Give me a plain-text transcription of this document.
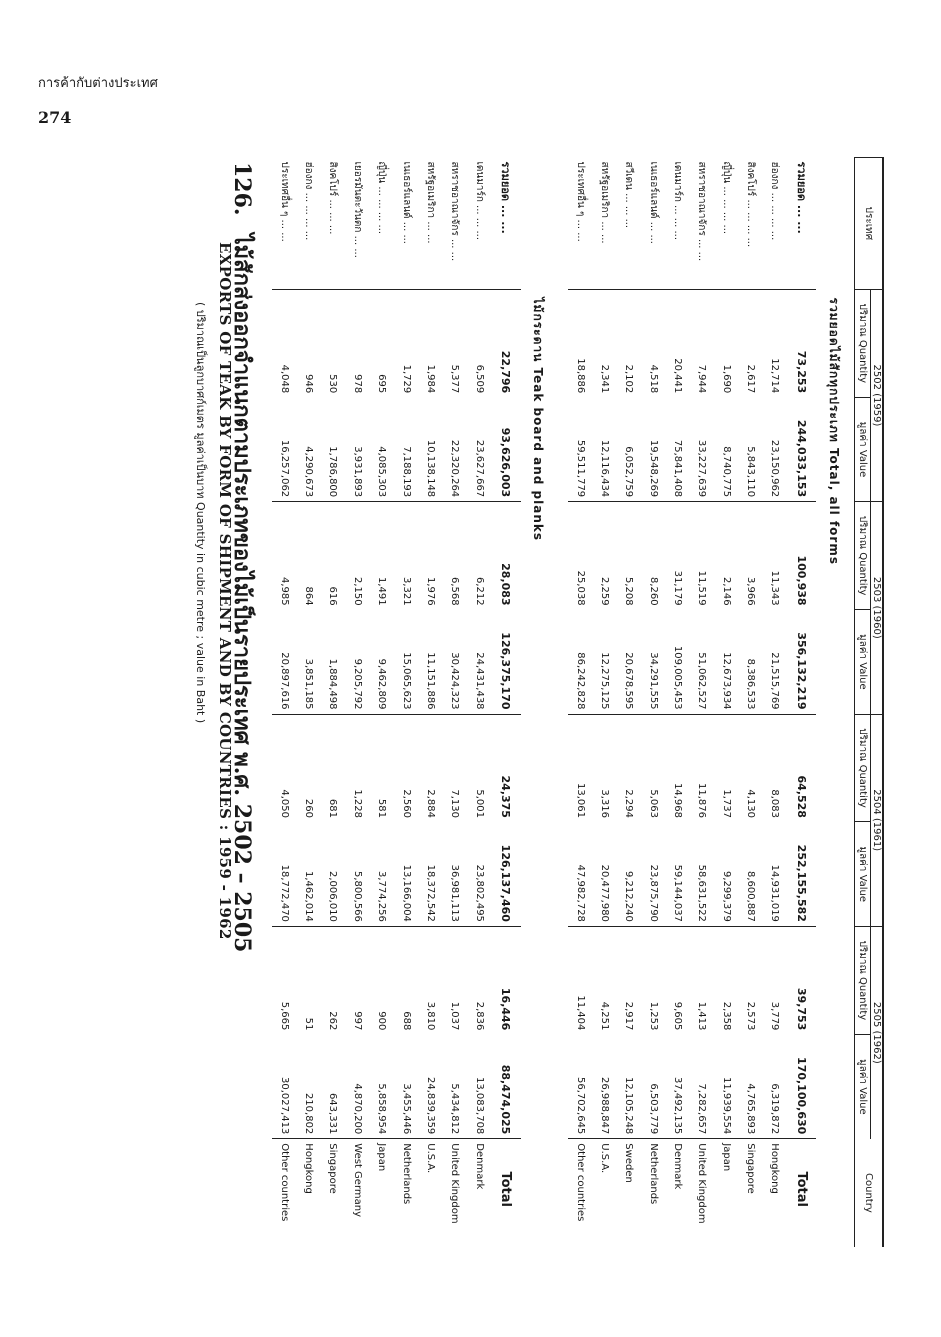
การค้ากับต่างประเทศ
274
126.
ไม้สักส่งออกจำแนกตามประเภทของไม้เป็นรายประเทศ พ.ศ. 2502 – 2505
EXPORTS OF TEAK BY FORM OF SHIPMENT AND BY COUNTRIES : 1959 - 1962
( ปริมาณเป็นลูกบาศก์เมตร มูลค่าเป็นบาท Quantity in cubic metre ; value in Baht )
ประเทศ	2502 (1959)		2503 (1960)		2504 (1961)		2505 (1962)		Country
	ปริมาณ Quantity	มูลค่า Value	ปริมาณ Quantity	มูลค่า Value	ปริมาณ Quantity	มูลค่า Value	ปริมาณ Quantity	มูลค่า Value	
รวมยอดไม้สักทุกประเภท Total, all forms									
รวมยอด ... ...	73,253	244,033,153	100,938	356,132,219	64,528	252,155,582	39,753	170,100,630	Total
ฮ่องกง ... ... ... ...	12,714	23,150,962	11,343	21,515,769	8,083	14,931,019	3,779	6,319,872	Hongkong
สิงคโปร์ ... ... ... ...	2,617	5,843,110	3,966	8,386,533	4,130	8,600,887	2,573	4,765,893	Singapore
ญี่ปุ่น ... ... ... ...	1,690	8,740,775	2,146	12,673,934	1,737	9,299,379	2,358	11,939,554	Japan
สหราชอาณาจักร ... ...	7,944	33,227,639	11,519	51,062,527	11,876	58,631,522	1,413	7,282,657	United Kingdom
เดนมาร์ก ... ... ...	20,441	75,841,408	31,179	109,005,453	14,968	59,144,037	9,605	37,492,135	Denmark
เนเธอร์แลนด์ ... ...	4,518	19,548,269	8,260	34,291,555	5,063	23,875,790	1,253	6,503,779	Netherlands
สวีเดน ... ... ...	2,102	6,052,759	5,208	20,678,595	2,294	9,212,240	2,917	12,105,248	Sweden
สหรัฐอเมริกา ... ...	2,341	12,116,434	2,259	12,275,125	3,316	20,477,980	4,251	26,988,847	U.S.A.
ประเทศอื่น ๆ ... ...	18,886	59,511,779	25,038	86,242,828	13,061	47,982,728	11,404	56,702,645	Other countries

ไม้กระดาน Teak board and planks									
รวมยอด ... ...	22,796	93,626,003	28,083	126,375,170	24,375	126,137,460	16,446	88,474,025	Total
เดนมาร์ก ... ... ...	6,509	23,627,667	6,212	24,431,438	5,001	23,802,495	2,836	13,083,708	Denmark
สหราชอาณาจักร ... ...	5,377	22,320,264	6,568	30,424,323	7,130	36,981,113	1,037	5,434,812	United Kingdom
สหรัฐอเมริกา ... ...	1,984	10,138,148	1,976	11,151,886	2,884	18,372,542	3,810	24,839,359	U.S.A.
เนเธอร์แลนด์ ... ...	1,729	7,188,193	3,321	15,065,623	2,560	13,166,004	688	3,455,446	Netherlands
ญี่ปุ่น ... ... ... ...	695	4,085,303	1,491	9,462,809	581	3,774,256	900	5,858,954	Japan
เยอรมันตะวันตก ... ...	978	3,931,893	2,150	9,205,792	1,228	5,800,566	997	4,870,200	West Germany
สิงคโปร์ ... ... ...	530	1,786,800	616	1,884,498	681	2,006,010	262	643,331	Singapore
ฮ่องกง ... ... ... ...	946	4,290,673	864	3,851,185	260	1,462,014	51	210,802	Hongkong
ประเทศอื่น ๆ ... ...	4,048	16,257,062	4,985	20,897,616	4,050	18,772,470	5,665	30,027,413	Other countries
